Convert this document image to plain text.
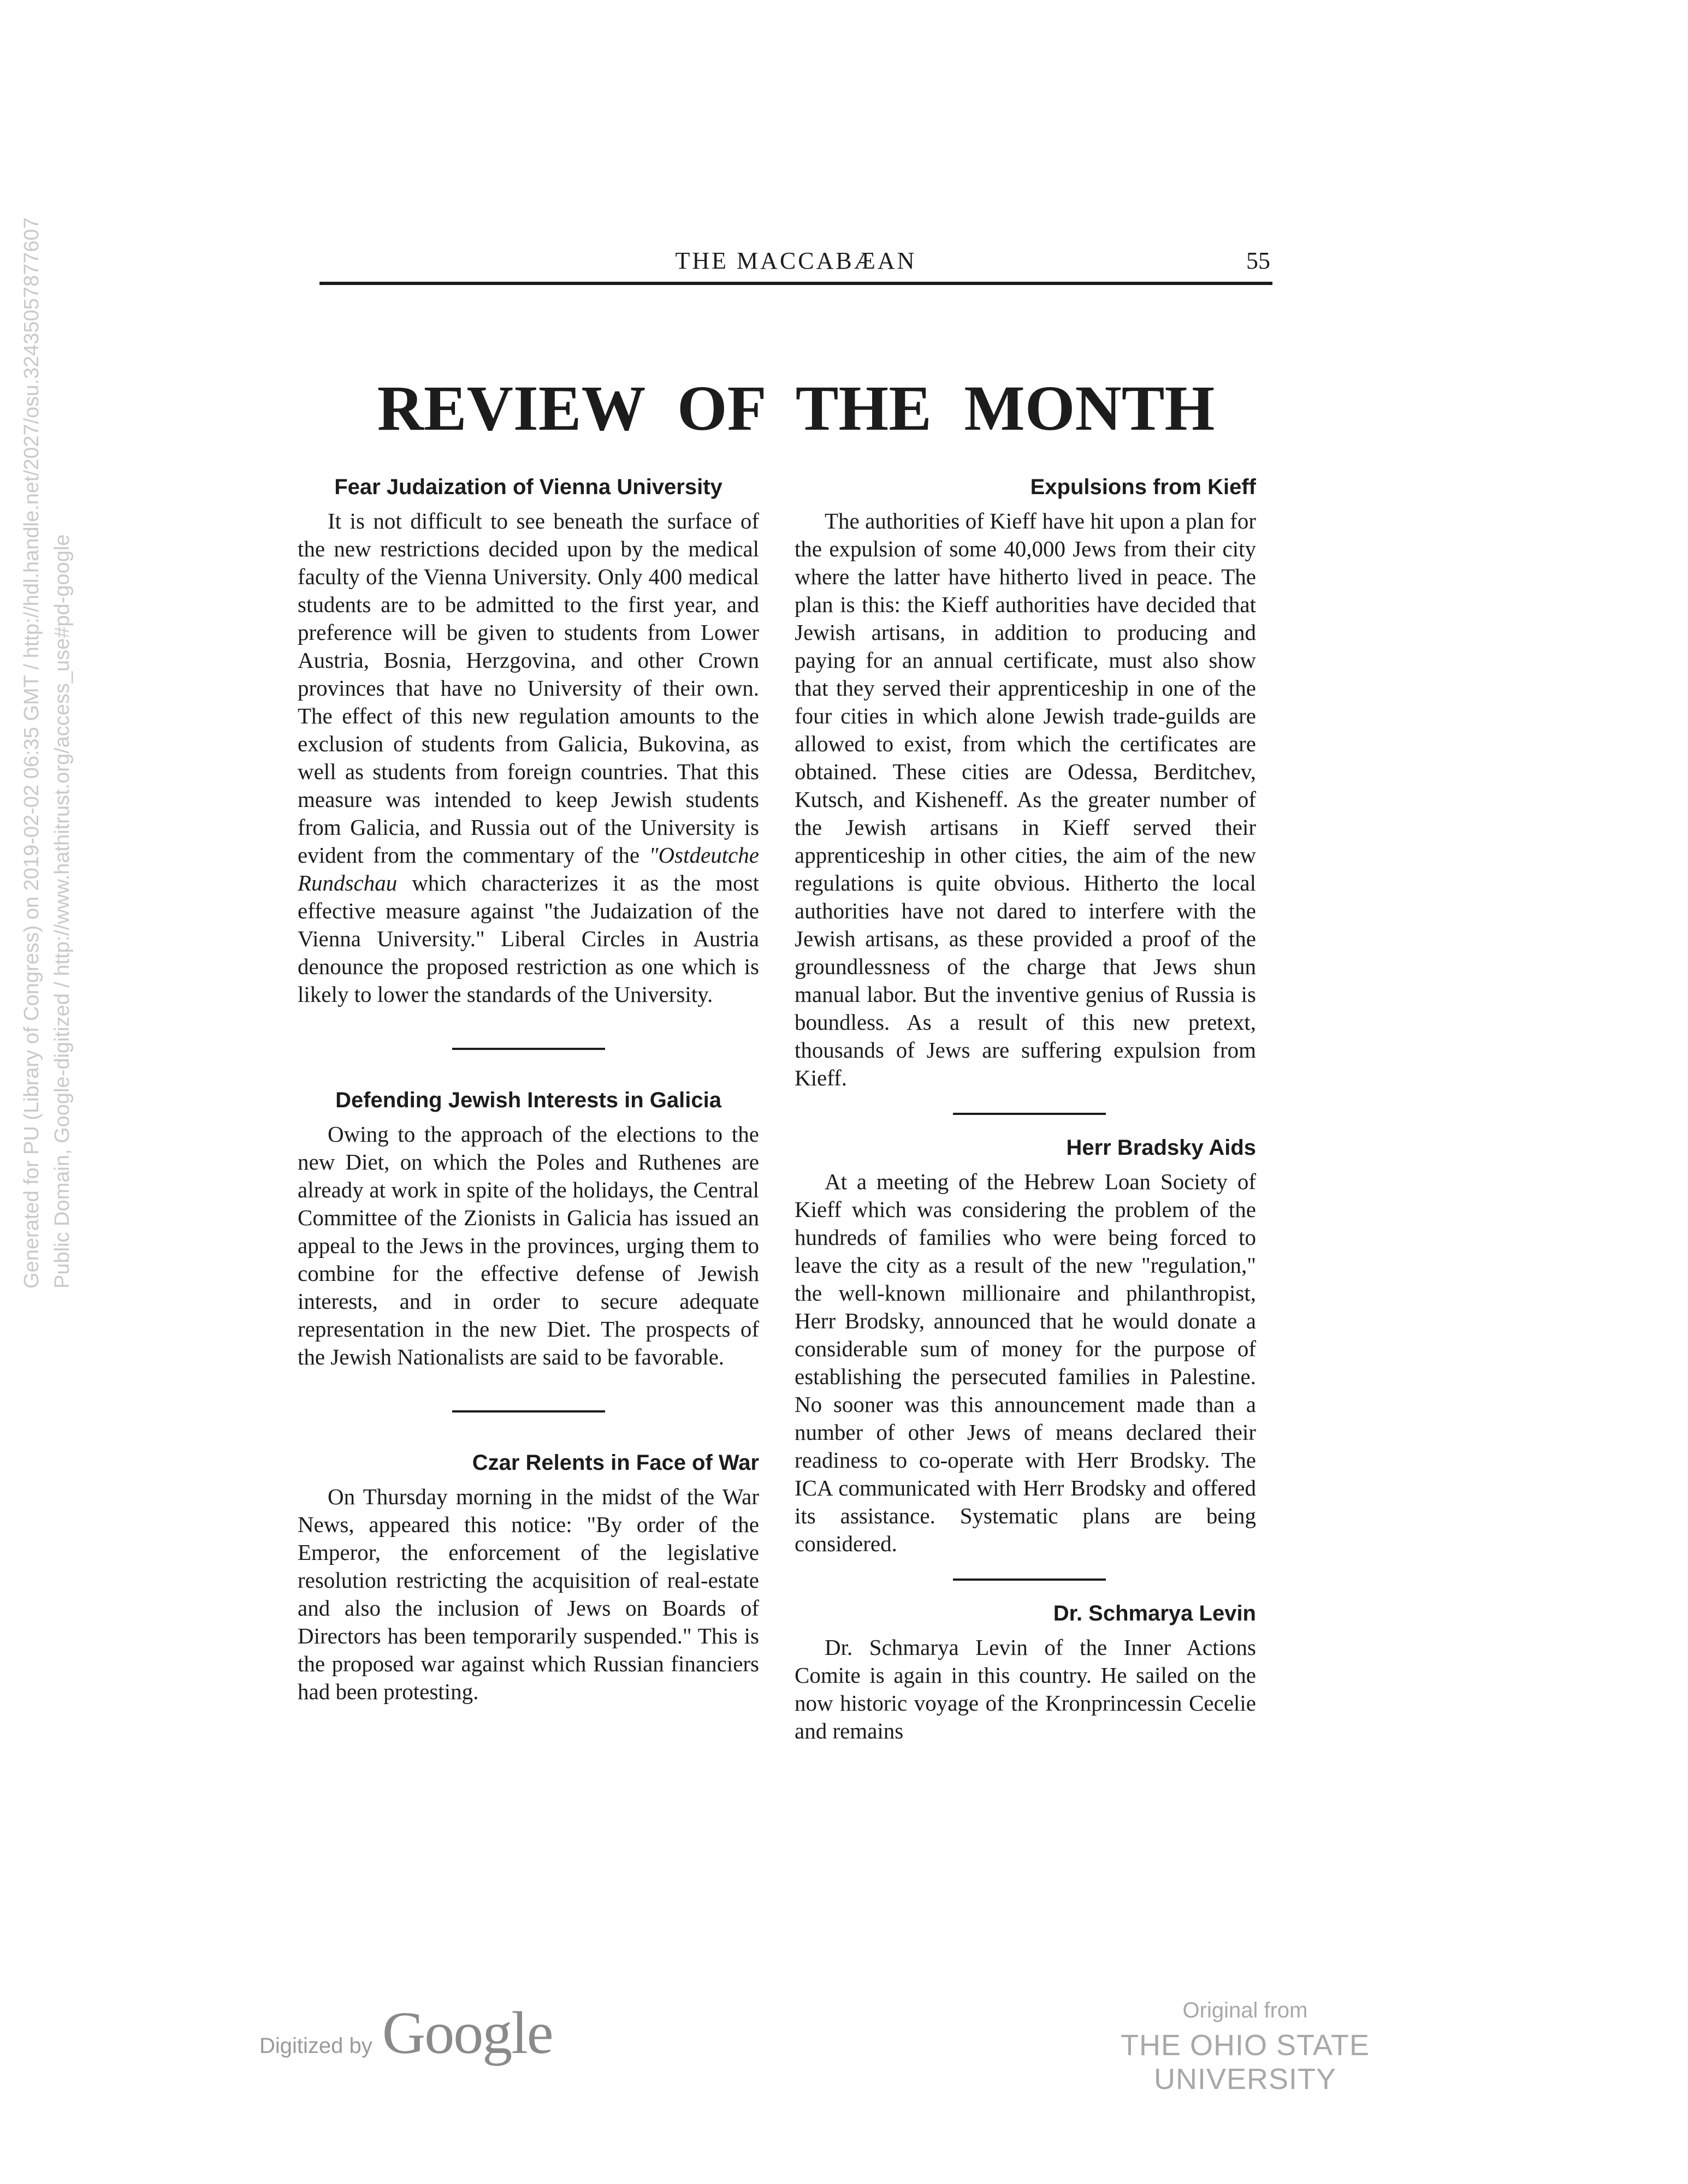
THE MACCABÆAN	55
REVIEW OF THE MONTH
Fear Judaization of Vienna University

It is not difficult to see beneath the surface of the new restrictions decided upon by the medical faculty of the Vienna University. Only 400 medical students are to be admitted to the first year, and preference will be given to students from Lower Austria, Bosnia, Herzgovina, and other Crown provinces that have no University of their own. The effect of this new regulation amounts to the exclusion of students from Galicia, Bukovina, as well as students from foreign countries. That this measure was intended to keep Jewish students from Galicia, and Russia out of the University is evident from the commentary of the "Ostdeutche Rundschau which characterizes it as the most effective measure against "the Judaization of the Vienna University." Liberal Circles in Austria denounce the proposed restriction as one which is likely to lower the standards of the University.

Defending Jewish Interests in Galicia

Owing to the approach of the elections to the new Diet, on which the Poles and Ruthenes are already at work in spite of the holidays, the Central Committee of the Zionists in Galicia has issued an appeal to the Jews in the provinces, urging them to combine for the effective defense of Jewish interests, and in order to secure adequate representation in the new Diet. The prospects of the Jewish Nationalists are said to be favorable.

Czar Relents in Face of War

On Thursday morning in the midst of the War News, appeared this notice: "By order of the Emperor, the enforcement of the legislative resolution restricting the acquisition of real-estate and also the inclusion of Jews on Boards of Directors has been temporarily suspended." This is the proposed war against which Russian financiers had been protesting.

Expulsions from Kieff

The authorities of Kieff have hit upon a plan for the expulsion of some 40,000 Jews from their city where the latter have hitherto lived in peace. The plan is this: the Kieff authorities have decided that Jewish artisans, in addition to producing and paying for an annual certificate, must also show that they served their apprenticeship in one of the four cities in which alone Jewish trade-guilds are allowed to exist, from which the certificates are obtained. These cities are Odessa, Berditchev, Kutsch, and Kisheneff. As the greater number of the Jewish artisans in Kieff served their apprenticeship in other cities, the aim of the new regulations is quite obvious. Hitherto the local authorities have not dared to interfere with the Jewish artisans, as these provided a proof of the groundlessness of the charge that Jews shun manual labor. But the inventive genius of Russia is boundless. As a result of this new pretext, thousands of Jews are suffering expulsion from Kieff.

Herr Bradsky Aids

At a meeting of the Hebrew Loan Society of Kieff which was considering the problem of the hundreds of families who were being forced to leave the city as a result of the new "regulation," the well-known millionaire and philanthropist, Herr Brodsky, announced that he would donate a considerable sum of money for the purpose of establishing the persecuted families in Palestine. No sooner was this announcement made than a number of other Jews of means declared their readiness to co-operate with Herr Brodsky. The ICA communicated with Herr Brodsky and offered its assistance. Systematic plans are being considered.

Dr. Schmarya Levin

Dr. Schmarya Levin of the Inner Actions Comite is again in this country. He sailed on the now historic voyage of the Kronprincessin Cecelie and remains

Generated for PU (Library of Congress) on 2019-02-02 06:35 GMT / http://hdl.handle.net/2027/osu.32435057877607 Public Domain, Google-digitized / http://www.hathitrust.org/access_use#pd-google
Digitized by Google	Original from
THE OHIO STATE UNIVERSITY
